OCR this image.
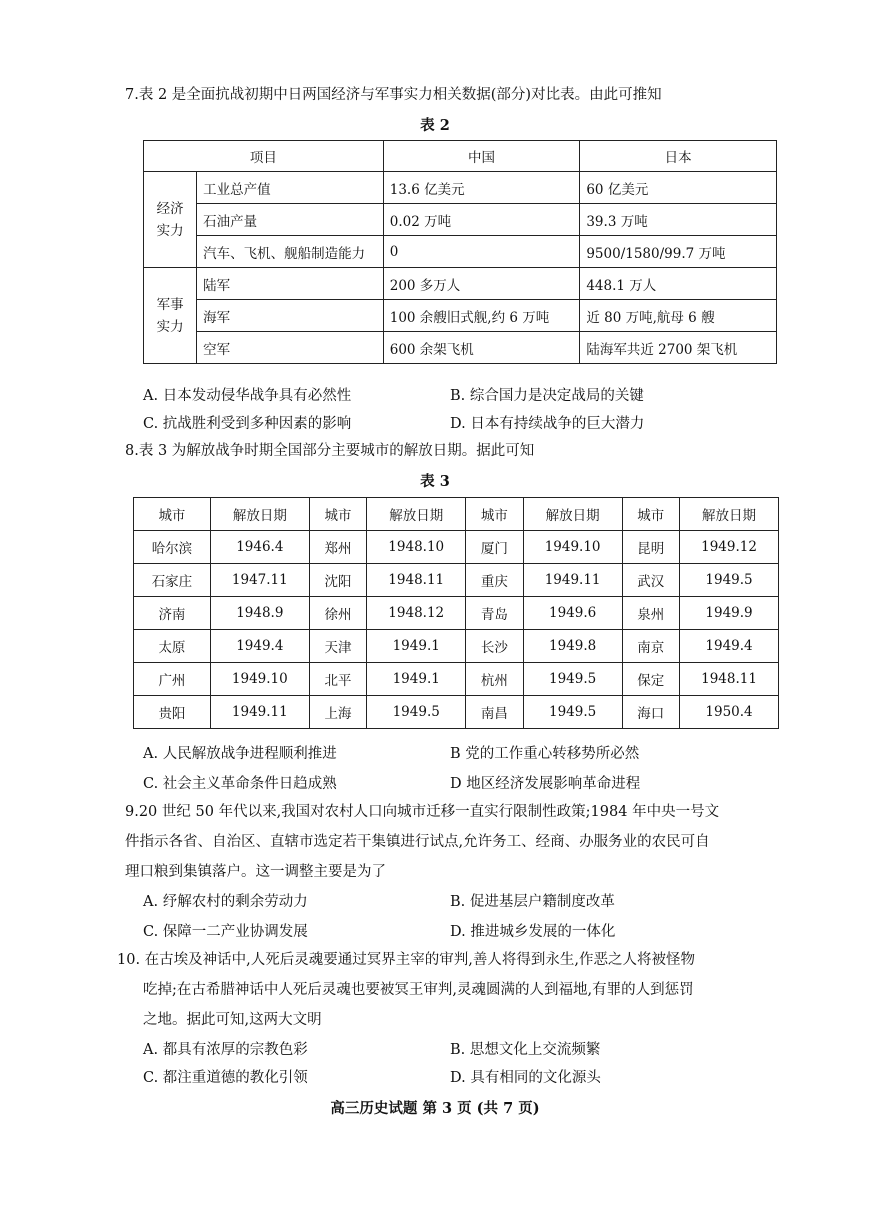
7.表 2 是全面抗战初期中日两国经济与军事实力相关数据(部分)对比表。由此可推知
表 2
项目		中国	日本
经济实力	工业总产值	13.6 亿美元	60 亿美元
	石油产量	0.02 万吨	39.3 万吨
	汽车、飞机、舰船制造能力	0	9500/1580/99.7 万吨
军事实力	陆军	200 多万人	448.1 万人
	海军	100 余艘旧式舰,约 6 万吨	近 80 万吨,航母 6 艘
	空军	600 余架飞机	陆海军共近 2700 架飞机
A. 日本发动侵华战争具有必然性	B. 综合国力是决定战局的关键
C. 抗战胜利受到多种因素的影响	D. 日本有持续战争的巨大潜力
8.表 3 为解放战争时期全国部分主要城市的解放日期。据此可知
表 3
城市	解放日期	城市	解放日期	城市	解放日期	城市	解放日期
哈尔滨	1946.4	郑州	1948.10	厦门	1949.10	昆明	1949.12
石家庄	1947.11	沈阳	1948.11	重庆	1949.11	武汉	1949.5
济南	1948.9	徐州	1948.12	青岛	1949.6	泉州	1949.9
太原	1949.4	天津	1949.1	长沙	1949.8	南京	1949.4
广州	1949.10	北平	1949.1	杭州	1949.5	保定	1948.11
贵阳	1949.11	上海	1949.5	南昌	1949.5	海口	1950.4
A. 人民解放战争进程顺利推进	B 党的工作重心转移势所必然
C. 社会主义革命条件日趋成熟	D 地区经济发展影响革命进程
9.20 世纪 50 年代以来,我国对农村人口向城市迁移一直实行限制性政策;1984 年中央一号文
件指示各省、自治区、直辖市选定若干集镇进行试点,允许务工、经商、办服务业的农民可自
理口粮到集镇落户。这一调整主要是为了
A. 纾解农村的剩余劳动力	B. 促进基层户籍制度改革
C. 保障一二产业协调发展	D. 推进城乡发展的一体化
10. 在古埃及神话中,人死后灵魂要通过冥界主宰的审判,善人将得到永生,作恶之人将被怪物
吃掉;在古希腊神话中人死后灵魂也要被冥王审判,灵魂圆满的人到福地,有罪的人到惩罚
之地。据此可知,这两大文明
A. 都具有浓厚的宗教色彩	B. 思想文化上交流频繁
C. 都注重道德的教化引领	D. 具有相同的文化源头
高三历史试题 第 3 页 (共 7 页)
